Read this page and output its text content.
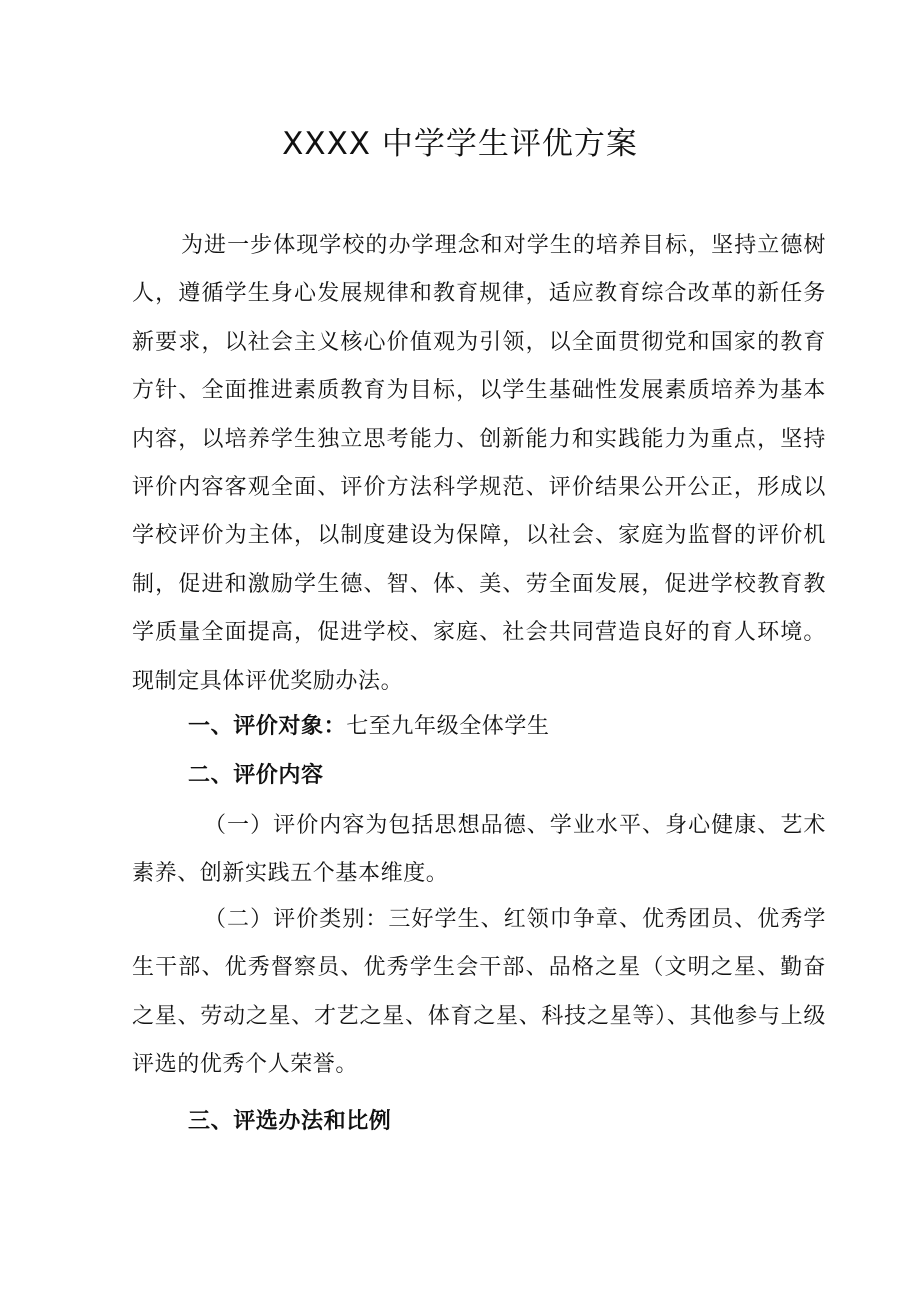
XXXX 中学学生评优方案

为进一步体现学校的办学理念和对学生的培养目标，坚持立德树人，遵循学生身心发展规律和教育规律，适应教育综合改革的新任务新要求，以社会主义核心价值观为引领，以全面贯彻党和国家的教育方针、全面推进素质教育为目标，以学生基础性发展素质培养为基本内容，以培养学生独立思考能力、创新能力和实践能力为重点，坚持评价内容客观全面、评价方法科学规范、评价结果公开公正，形成以学校评价为主体，以制度建设为保障，以社会、家庭为监督的评价机制，促进和激励学生德、智、体、美、劳全面发展，促进学校教育教学质量全面提高，促进学校、家庭、社会共同营造良好的育人环境。现制定具体评优奖励办法。

一、评价对象：七至九年级全体学生

二、评价内容

（一）评价内容为包括思想品德、学业水平、身心健康、艺术素养、创新实践五个基本维度。

（二）评价类别：三好学生、红领巾争章、优秀团员、优秀学生干部、优秀督察员、优秀学生会干部、品格之星（文明之星、勤奋之星、劳动之星、才艺之星、体育之星、科技之星等）、其他参与上级评选的优秀个人荣誉。

三、评选办法和比例
